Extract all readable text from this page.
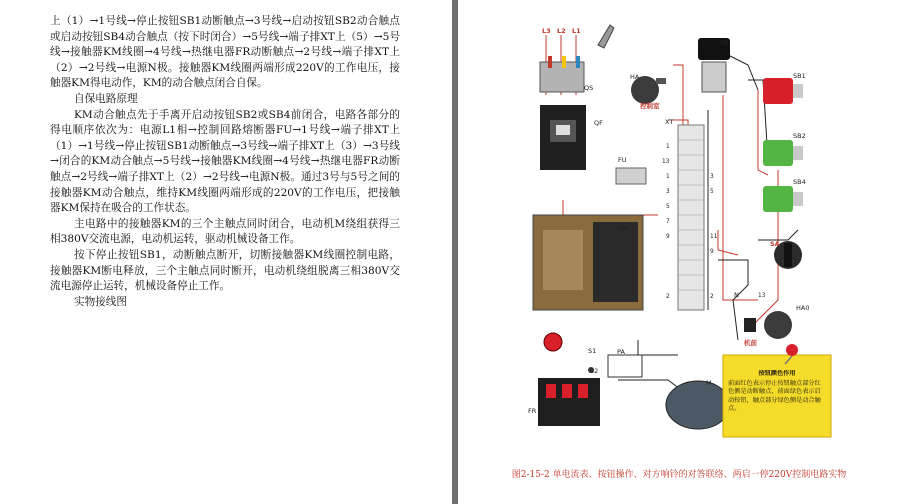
上（1）→1号线→停止按钮SB1动断触点→3号线→启动按钮SB2动合触点或启动按钮SB4动合触点（按下时闭合）→5号线→端子排XT上（5）→5号线→接触器KM线圈→4号线→热继电器FR动断触点→2号线→端子排XT上（2）→2号线→电源N极。接触器KM线圈两端形成220V的工作电压，接触器KM得电动作，KM的动合触点闭合自保。

自保电路原理

KM动合触点先于手离开启动按钮SB2或SB4前闭合，电路各部分的得电顺序依次为：电源L1相→控制回路熔断器FU→1号线→端子排XT上（1）→1号线→停止按钮SB1动断触点→3号线→端子排XT上（3）→3号线→闭合的KM动合触点→5号线→接触器KM线圈→4号线→热继电器FR动断触点→2号线→端子排XT上（2）→2号线→电源N极。通过3号与5号之间的接触器KM动合触点，维持KM线圈两端形成的220V的工作电压，把接触器KM保持在吸合的工作状态。

主电路中的接触器KM的三个主触点同时闭合，电动机M绕组获得三相380V交流电源，电动机运转，驱动机械设备工作。

按下停止按钮SB1，动断触点断开，切断接触器KM线圈控制电路，接触器KM断电释放，三个主触点同时断开，电动机绕组脱离三相380V交流电源停止运转，机械设备停止工作。

实物接线图

按钮颜色作用
前面红色表示停止按钮触点部分红色侧是动断触点，前面绿色表示启动按钮，触点部分绿色侧是动合触点。
L3 L2 L1
控制室
SA
机前
QS
QF
FU
KM
FR
M
SB
HA
XT
SB1
SB2
SB4
HA0
S1
S2
PA
N
1
13
1
3
5
7
9
3
5
11
9
2	2	13
图2-15-2 单电流表、按钮操作、对方响铃的对答联络、两启一停220V控制电路实物
